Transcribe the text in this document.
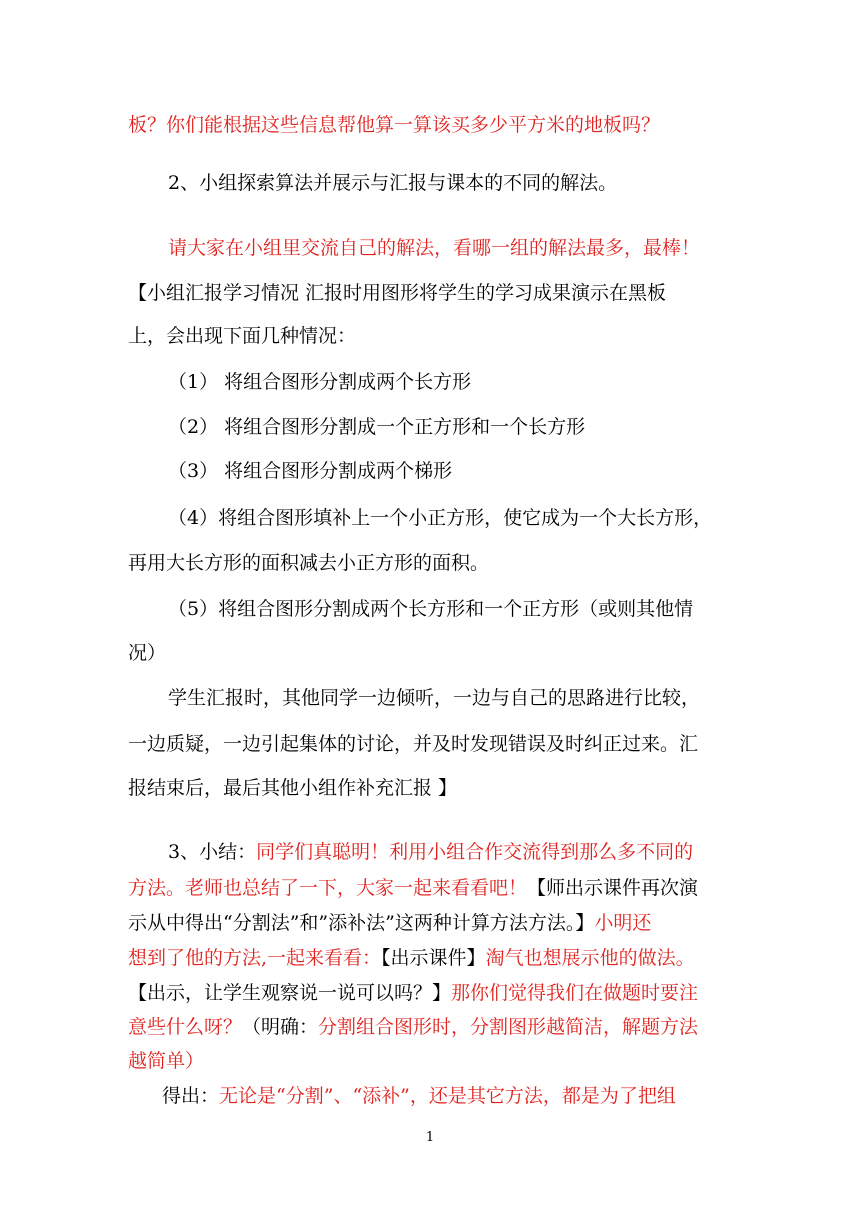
板？你们能根据这些信息帮他算一算该买多少平方米的地板吗？
2、小组探索算法并展示与汇报与课本的不同的解法。
请大家在小组里交流自己的解法，看哪一组的解法最多，最棒！
【小组汇报学习情况 汇报时用图形将学生的学习成果演示在黑板
上，会出现下面几种情况：
（1） 将组合图形分割成两个长方形
（2） 将组合图形分割成一个正方形和一个长方形
（3） 将组合图形分割成两个梯形
（4）将组合图形填补上一个小正方形，使它成为一个大长方形，
再用大长方形的面积减去小正方形的面积。
（5）将组合图形分割成两个长方形和一个正方形（或则其他情
况）
学生汇报时，其他同学一边倾听，一边与自己的思路进行比较，
一边质疑，一边引起集体的讨论，并及时发现错误及时纠正过来。汇
报结束后，最后其他小组作补充汇报 】
3、小结：同学们真聪明！利用小组合作交流得到那么多不同的
方法。老师也总结了一下，大家一起来看看吧！【师出示课件再次演
示从中得出“分割法”和”添补法”这两种计算方法方法。】小明还
想到了他的方法,一起来看看：【出示课件】淘气也想展示他的做法。
【出示，让学生观察说一说可以吗？】那你们觉得我们在做题时要注
意些什么呀？（明确：分割组合图形时，分割图形越简洁，解题方法
越简单）
得出：无论是“分割”、“添补”，还是其它方法，都是为了把组
1
